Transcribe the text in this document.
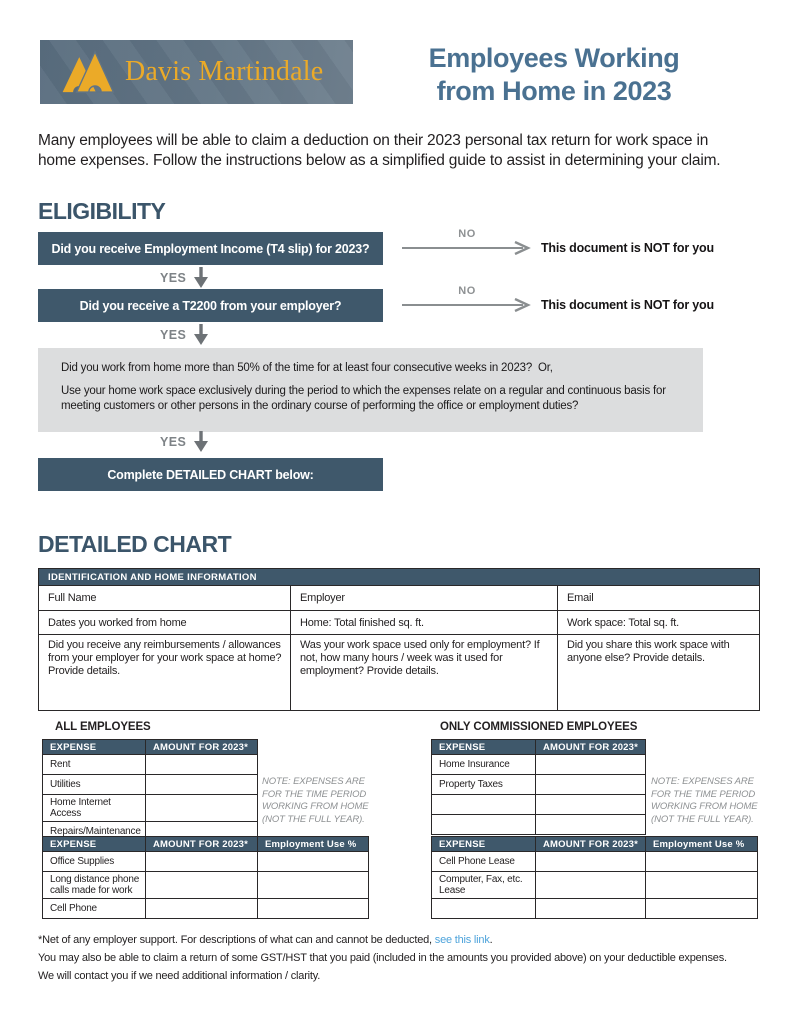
Davis Martindale	Employees Working
from Home in 2023

Many employees will be able to claim a deduction on their 2023 personal tax return for work space in home expenses. Follow the instructions below as a simplified guide to assist in determining your claim.

ELIGIBILITY
Did you receive Employment Income (T4 slip) for 2023?
NO
This document is NOT for you
YES
Did you receive a T2200 from your employer?
NO
This document is NOT for you
YES

Did you work from home more than 50% of the time for at least four consecutive weeks in 2023?  Or,

Use your home work space exclusively during the period to which the expenses relate on a regular and continuous basis for meeting customers or other persons in the ordinary course of performing the office or employment duties?

YES
Complete DETAILED CHART below:
DETAILED CHART
IDENTIFICATION AND HOME INFORMATION		
Full Name	Employer	Email
Dates you worked from home	Home: Total finished sq. ft.	Work space: Total sq. ft.
Did you receive any reimbursements / allowances from your employer for your work space at home? Provide details.	Was your work space used only for employment? If not, how many hours / week was it used for employment? Provide details.	Did you share this work space with anyone else? Provide details.
ALL EMPLOYEES
EXPENSE	AMOUNT FOR 2023*
Rent	
Utilities	
Home Internet Access	
Repairs/Maintenance	
NOTE: EXPENSES ARE FOR THE TIME PERIOD WORKING FROM HOME (NOT THE FULL YEAR).
EXPENSE	AMOUNT FOR 2023*	Employment Use %
Office Supplies		
Long distance phone calls made for work		
Cell Phone		
ONLY COMMISSIONED EMPLOYEES
EXPENSE	AMOUNT FOR 2023*
Home Insurance	
Property Taxes	

		NOTE: EXPENSES ARE FOR THE TIME PERIOD WORKING FROM HOME (NOT THE FULL YEAR).
EXPENSE	AMOUNT FOR 2023*	Employment Use %
Cell Phone Lease		
Computer, Fax, etc. Lease		

*Net of any employer support. For descriptions of what can and cannot be deducted, see this link.
You may also be able to claim a return of some GST/HST that you paid (included in the amounts you provided above) on your deductible expenses.
We will contact you if we need additional information / clarity.
